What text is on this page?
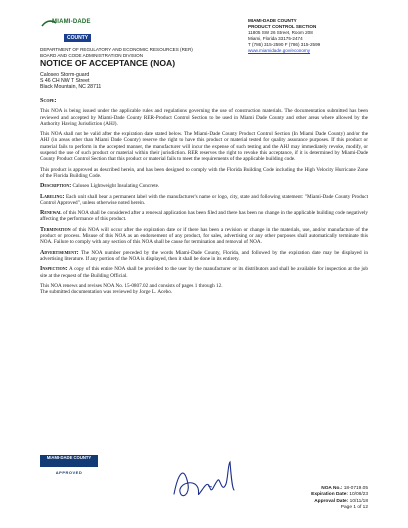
MIAMI-DADE
COUNTY
MIAMI-DADE COUNTY
PRODUCT CONTROL SECTION
11805 SW 26 Street, Room 208
Miami, Florida 33175-2474
T (786) 315-2590 F (786) 315-2599
www.miamidade.gov/economy
DEPARTMENT OF REGULATORY AND ECONOMIC RESOURCES (RER)
BOARD AND CODE ADMINISTRATION DIVISION
NOTICE OF ACCEPTANCE (NOA)
Caloseo Storm-guard
S 46 CH NW T Street
Black Mountain, NC 28711

Scope:

This NOA is being issued under the applicable rules and regulations governing the use of construction materials. The documentation submitted has been reviewed and accepted by Miami-Dade County RER-Product Control Section to be used in Miami Dade County and other areas where allowed by the Authority Having Jurisdiction (AHJ).

This NOA shall not be valid after the expiration date stated below. The Miami-Dade County Product Control Section (In Miami Dade County) and/or the AHJ (in areas other than Miami Dade County) reserve the right to have this product or material tested for quality assurance purposes. If this product or material fails to perform in the accepted manner, the manufacturer will incur the expense of such testing and the AHJ may immediately revoke, modify, or suspend the use of such product or material within their jurisdiction. RER reserves the right to revoke this acceptance, if it is determined by Miami-Dade County Product Control Section that this product or material fails to meet the requirements of the applicable building code.

This product is approved as described herein, and has been designed to comply with the Florida Building Code including the High Velocity Hurricane Zone of the Florida Building Code.

Description: Caloseo Lightweight Insulating Concrete.

Labeling: Each unit shall bear a permanent label with the manufacturer's name or logo, city, state and following statement: "Miami-Dade County Product Control Approved", unless otherwise noted herein.

Renewal of this NOA shall be considered after a renewal application has been filed and there has been no change in the applicable building code negatively affecting the performance of this product.

Termination of this NOA will occur after the expiration date or if there has been a revision or change in the materials, use, and/or manufacture of the product or process. Misuse of this NOA as an endorsement of any product, for sales, advertising or any other purposes shall automatically terminate this NOA. Failure to comply with any section of this NOA shall be cause for termination and removal of NOA.

Advertisement: The NOA number preceded by the words Miami-Dade County, Florida, and followed by the expiration date may be displayed in advertising literature. If any portion of the NOA is displayed, then it shall be done in its entirety.

Inspection: A copy of this entire NOA shall be provided to the user by the manufacturer or its distributors and shall be available for inspection at the job site at the request of the Building Official.

This NOA renews and revises NOA No. 15-0807.02 and consists of pages 1 through 12.

The submitted documentation was reviewed by Jorge L. Acebo.

MIAMI-DADE COUNTY
APPROVED
NOA No.: 18-0719.05
Expiration Date: 10/08/23
Approval Date: 10/11/18
Page 1 of 12
